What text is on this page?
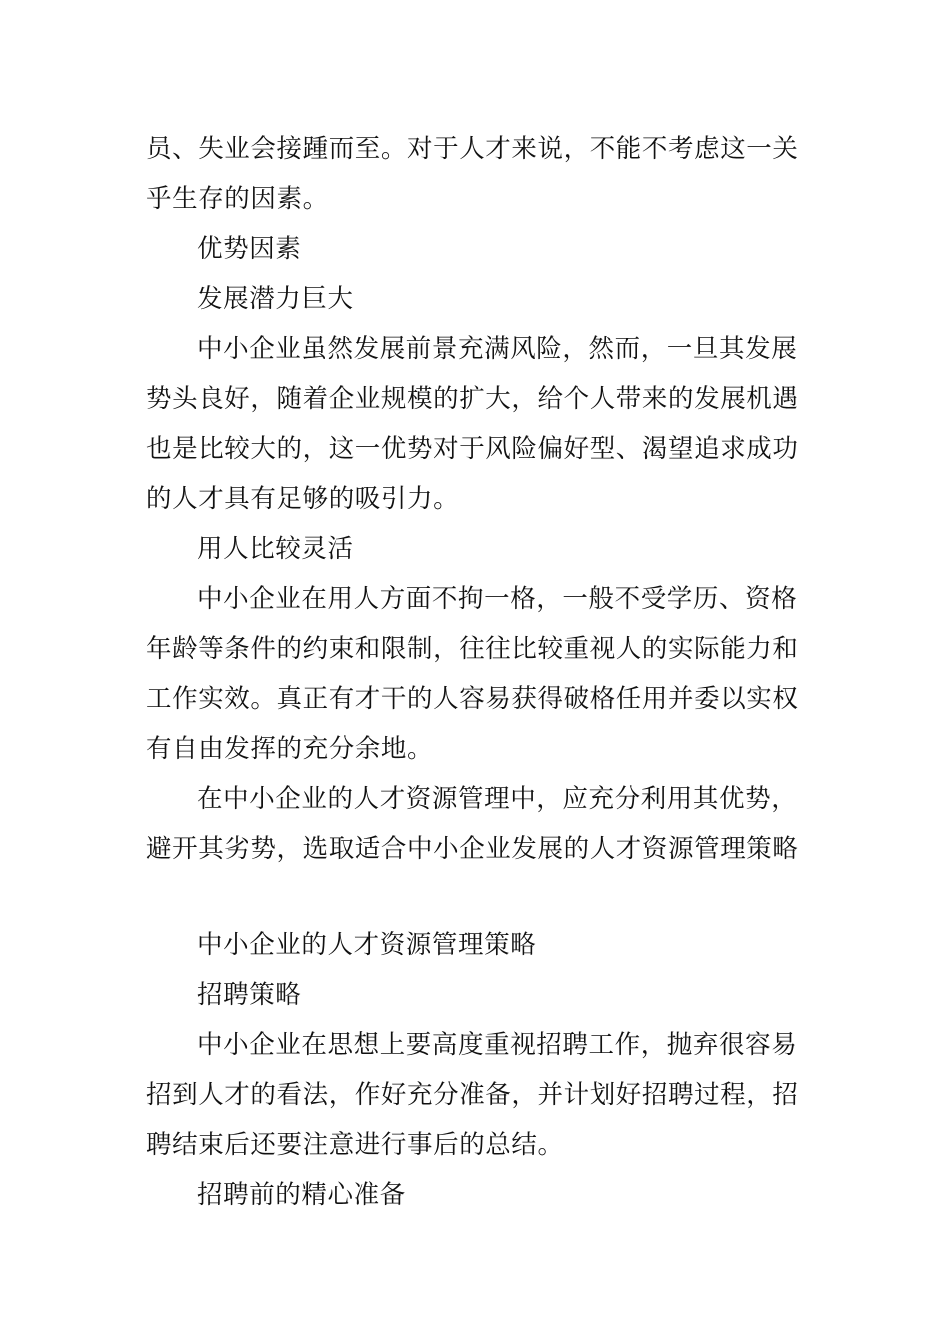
员、失业会接踵而至。对于人才来说，不能不考虑这一关
乎生存的因素。
优势因素
发展潜力巨大
中小企业虽然发展前景充满风险，然而，一旦其发展
势头良好，随着企业规模的扩大，给个人带来的发展机遇
也是比较大的，这一优势对于风险偏好型、渴望追求成功
的人才具有足够的吸引力。
用人比较灵活
中小企业在用人方面不拘一格，一般不受学历、资格
年龄等条件的约束和限制，往往比较重视人的实际能力和
工作实效。真正有才干的人容易获得破格任用并委以实权
有自由发挥的充分余地。
在中小企业的人才资源管理中，应充分利用其优势，
避开其劣势，选取适合中小企业发展的人才资源管理策略
中小企业的人才资源管理策略
招聘策略
中小企业在思想上要高度重视招聘工作，抛弃很容易
招到人才的看法，作好充分准备，并计划好招聘过程，招
聘结束后还要注意进行事后的总结。
招聘前的精心准备
